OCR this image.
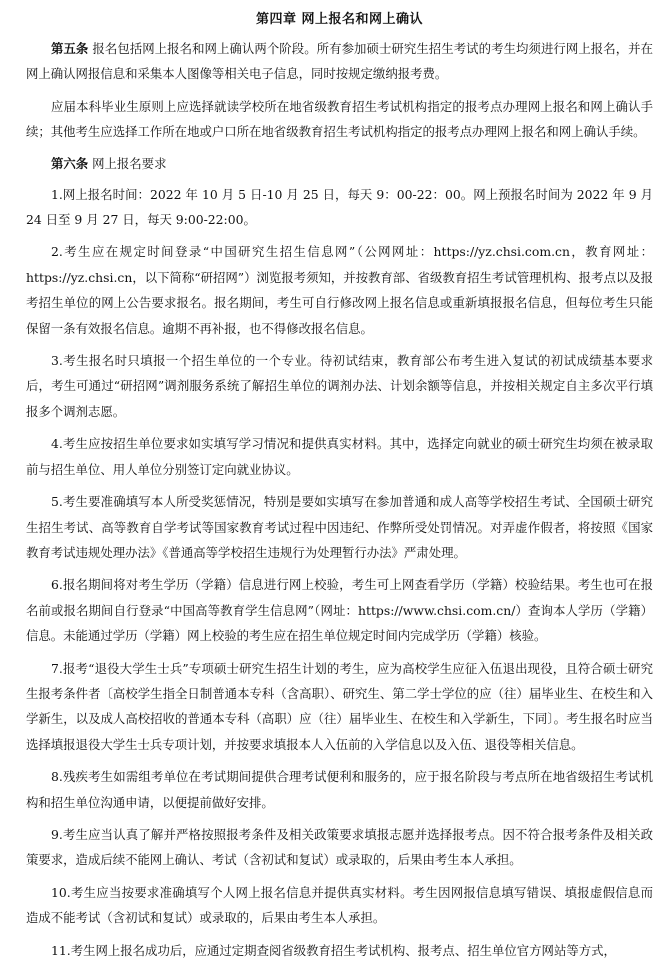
第四章 网上报名和网上确认

第五条 报名包括网上报名和网上确认两个阶段。所有参加硕士研究生招生考试的考生均须进行网上报名，并在网上确认网报信息和采集本人图像等相关电子信息，同时按规定缴纳报考费。

应届本科毕业生原则上应选择就读学校所在地省级教育招生考试机构指定的报考点办理网上报名和网上确认手续；其他考生应选择工作所在地或户口所在地省级教育招生考试机构指定的报考点办理网上报名和网上确认手续。

第六条 网上报名要求

1.网上报名时间：2022 年 10 月 5 日-10 月 25 日，每天 9：00-22：00。网上预报名时间为 2022 年 9 月 24 日至 9 月 27 日，每天 9:00-22:00。

2.考生应在规定时间登录“中国研究生招生信息网”（公网网址：https://yz.chsi.com.cn，教育网址：https://yz.chsi.cn，以下简称“研招网”）浏览报考须知，并按教育部、省级教育招生考试管理机构、报考点以及报考招生单位的网上公告要求报名。报名期间，考生可自行修改网上报名信息或重新填报报名信息，但每位考生只能保留一条有效报名信息。逾期不再补报，也不得修改报名信息。

3.考生报名时只填报一个招生单位的一个专业。待初试结束，教育部公布考生进入复试的初试成绩基本要求后，考生可通过“研招网”调剂服务系统了解招生单位的调剂办法、计划余额等信息，并按相关规定自主多次平行填报多个调剂志愿。

4.考生应按招生单位要求如实填写学习情况和提供真实材料。其中，选择定向就业的硕士研究生均须在被录取前与招生单位、用人单位分别签订定向就业协议。

5.考生要准确填写本人所受奖惩情况，特别是要如实填写在参加普通和成人高等学校招生考试、全国硕士研究生招生考试、高等教育自学考试等国家教育考试过程中因违纪、作弊所受处罚情况。对弄虚作假者，将按照《国家教育考试违规处理办法》《普通高等学校招生违规行为处理暂行办法》严肃处理。

6.报名期间将对考生学历（学籍）信息进行网上校验，考生可上网查看学历（学籍）校验结果。考生也可在报名前或报名期间自行登录“中国高等教育学生信息网”（网址：https://www.chsi.com.cn/）查询本人学历（学籍）信息。未能通过学历（学籍）网上校验的考生应在招生单位规定时间内完成学历（学籍）核验。

7.报考“退役大学生士兵”专项硕士研究生招生计划的考生，应为高校学生应征入伍退出现役，且符合硕士研究生报考条件者〔高校学生指全日制普通本专科（含高职）、研究生、第二学士学位的应（往）届毕业生、在校生和入学新生，以及成人高校招收的普通本专科（高职）应（往）届毕业生、在校生和入学新生，下同〕。考生报名时应当选择填报退役大学生士兵专项计划，并按要求填报本人入伍前的入学信息以及入伍、退役等相关信息。

8.残疾考生如需组考单位在考试期间提供合理考试便利和服务的，应于报名阶段与考点所在地省级招生考试机构和招生单位沟通申请，以便提前做好安排。

9.考生应当认真了解并严格按照报考条件及相关政策要求填报志愿并选择报考点。因不符合报考条件及相关政策要求，造成后续不能网上确认、考试（含初试和复试）或录取的，后果由考生本人承担。

10.考生应当按要求准确填写个人网上报名信息并提供真实材料。考生因网报信息填写错误、填报虚假信息而造成不能考试（含初试和复试）或录取的，后果由考生本人承担。

11.考生网上报名成功后，应通过定期查阅省级教育招生考试机构、报考点、招生单位官方网站等方式，
